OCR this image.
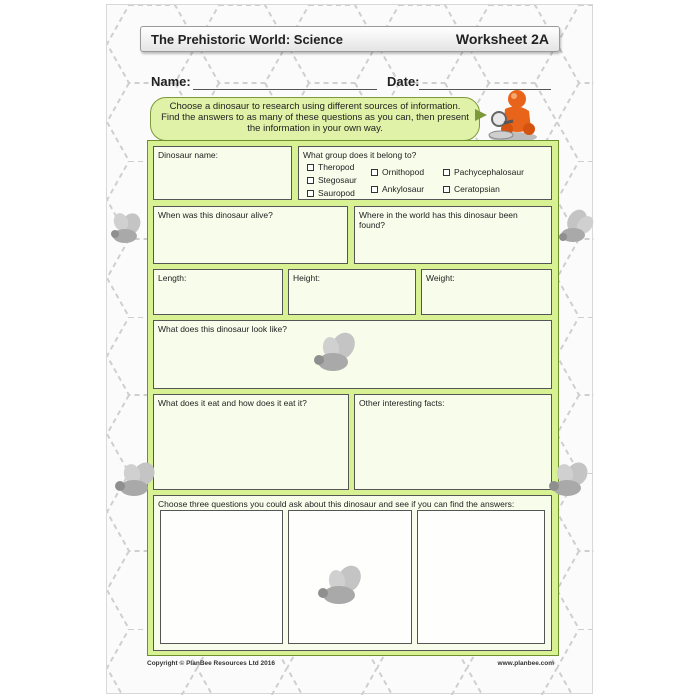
The Prehistoric World: Science	Worksheet 2A
Name:	Date:
Choose a dinosaur to research using different sources of information.
Find the answers to as many of these questions as you can, then present
the information in your own way.
Dinosaur name:	What group does it belong to?
Theropod
Stegosaur
Sauropod
Ornithopod
Ankylosaur
Pachycephalosaur
Ceratopsian
When was this dinosaur alive?	Where in the world has this dinosaur been
found?
Length:	Height:	Weight:
What does this dinosaur look like?
What does it eat and how does it eat it?	Other interesting facts:
Choose three questions you could ask about this dinosaur and see if you can find the answers:
Copyright © PlanBee Resources Ltd 2016	www.planbee.com
